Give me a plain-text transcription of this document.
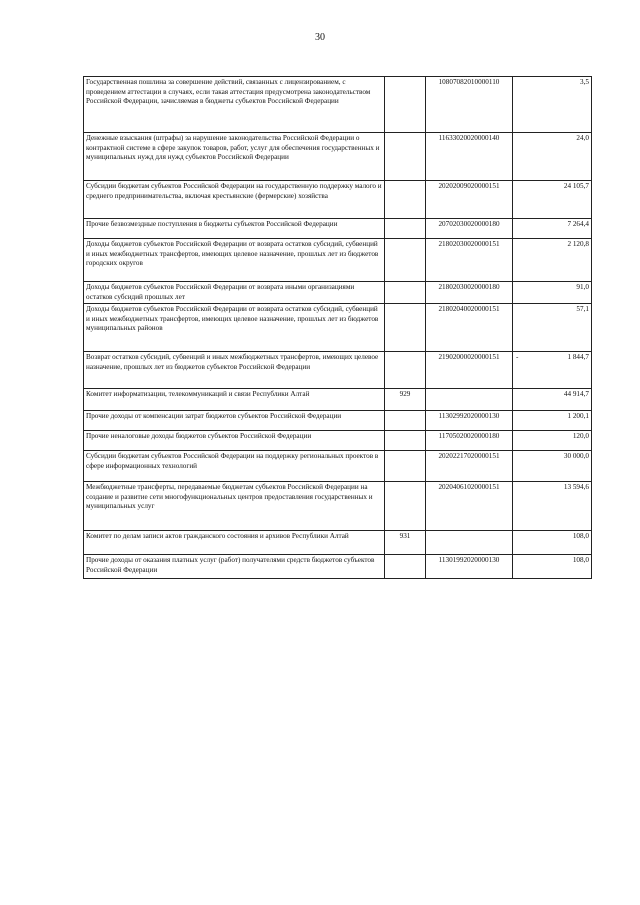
30
Государственная пошлина за совершение действий, связанных с лицензированием, с проведением аттестации в случаях, если такая аттестация предусмотрена законодательством Российской Федерации, зачисляемая в бюджеты субъектов Российской Федерации		10807082010000110	3,5
Денежные взыскания (штрафы) за нарушение законодательства Российской Федерации о контрактной системе в сфере закупок товаров, работ, услуг для обеспечения государственных и муниципальных нужд для нужд субъектов Российской Федерации		11633020020000140	24,0
Субсидии бюджетам субъектов Российской Федерации на государственную поддержку малого и среднего предпринимательства, включая крестьянские (фермерские) хозяйства		20202009020000151	24 105,7
Прочие безвозмездные поступления в бюджеты субъектов Российской Федерации		20702030020000180	7 264,4
Доходы бюджетов субъектов Российской Федерации от возврата остатков субсидий, субвенций и иных межбюджетных трансфертов, имеющих целевое назначение, прошлых лет из бюджетов городских округов		21802030020000151	2 120,8
Доходы бюджетов субъектов Российской Федерации от возврата иными организациями остатков субсидий прошлых лет		21802030020000180	91,0
Доходы бюджетов субъектов Российской Федерации от возврата остатков субсидий, субвенций и иных межбюджетных трансфертов, имеющих целевое назначение, прошлых лет из бюджетов муниципальных районов		21802040020000151	57,1
Возврат остатков субсидий, субвенций и иных межбюджетных трансфертов, имеющих целевое назначение, прошлых лет из бюджетов субъектов Российской Федерации		21902000020000151	- 1 844,7
Комитет информатизации, телекоммуникаций и связи Республики Алтай	929		44 914,7
Прочие доходы от компенсации затрат бюджетов субъектов Российской Федерации		11302992020000130	1 200,1
Прочие неналоговые доходы бюджетов субъектов Российской Федерации		11705020020000180	120,0
Субсидии бюджетам субъектов Российской Федерации на поддержку региональных проектов в сфере информационных технологий		20202217020000151	30 000,0
Межбюджетные трансферты, передаваемые бюджетам субъектов Российской Федерации на создание и развитие сети многофункциональных центров предоставления государственных и муниципальных услуг		20204061020000151	13 594,6
Комитет по делам записи актов гражданского состояния и архивов Республики Алтай	931		108,0
Прочие доходы от оказания платных услуг (работ) получателями средств бюджетов субъектов Российской Федерации		11301992020000130	108,0
